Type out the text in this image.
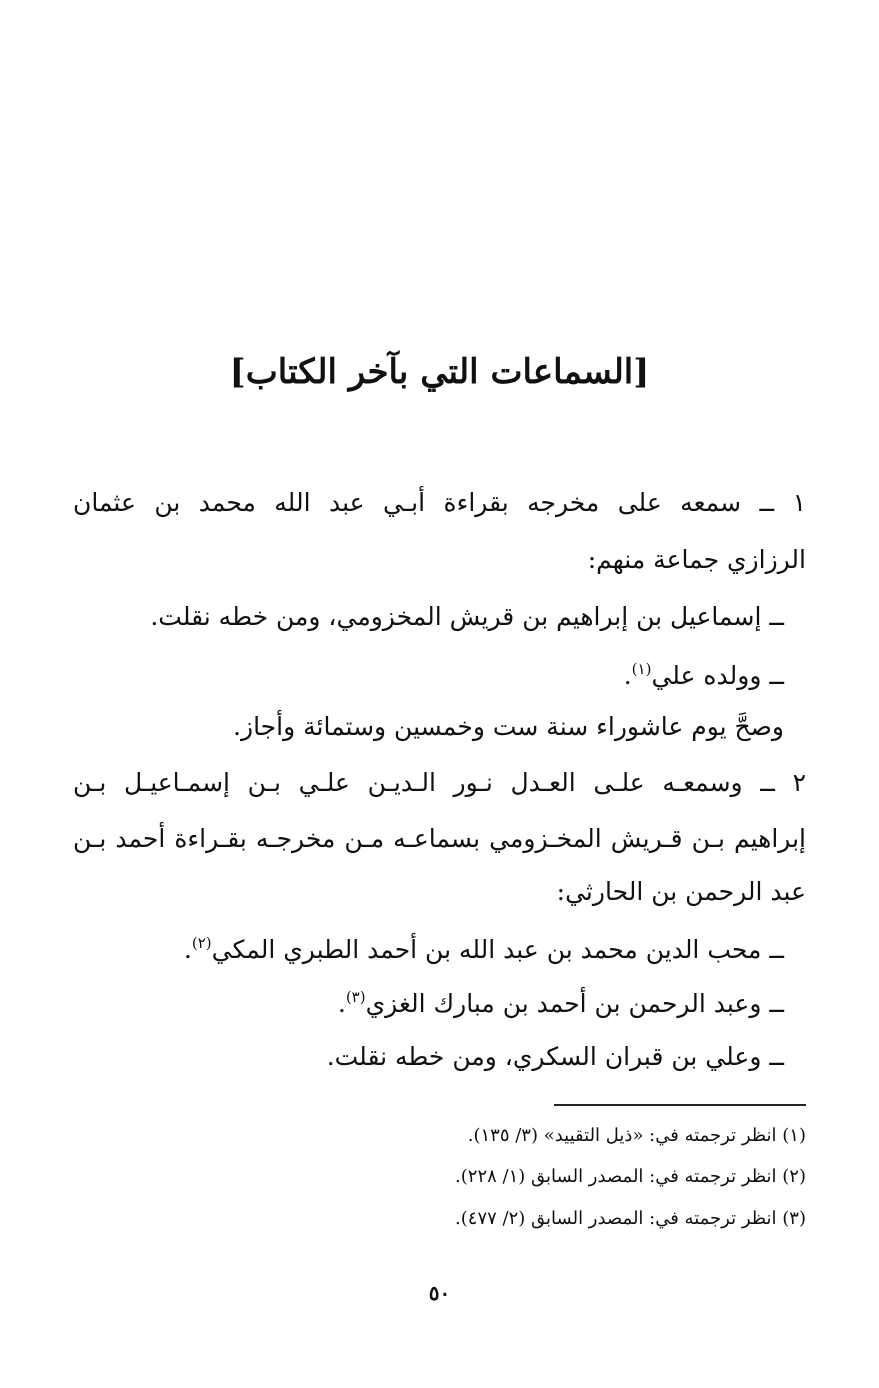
[السماعات التي بآخر الكتاب]
١ ــ سمعه على مخرجه بقراءة أبـي عبد الله محمد بن عثمان
الرزازي جماعة منهم:
ــ إسماعيل بن إبراهيم بن قريش المخزومي، ومن خطه نقلت.
ــ وولده علي$^{(١)}$.
وصحَّ يوم عاشوراء سنة ست وخمسين وستمائة وأجاز.
٢ ــ وسمعـه علـى العـدل نـور الـديـن علـي بـن إسمـاعيـل بـن
إبراهيم بـن قـريش المخـزومي بسماعـه مـن مخرجـه بقـراءة أحمد بـن
عبد الرحمن بن الحارثي:
ــ محب الدين محمد بن عبد الله بن أحمد الطبري المكي$^{(٢)}$.
ــ وعبد الرحمن بن أحمد بن مبارك الغزي$^{(٣)}$.
ــ وعلي بن قبران السكري، ومن خطه نقلت.
(١) انظر ترجمته في: «ذيل التقييد» (٣/ ١٣٥).
(٢) انظر ترجمته في: المصدر السابق (١/ ٢٢٨).
(٣) انظر ترجمته في: المصدر السابق (٢/ ٤٧٧).
٥٠
